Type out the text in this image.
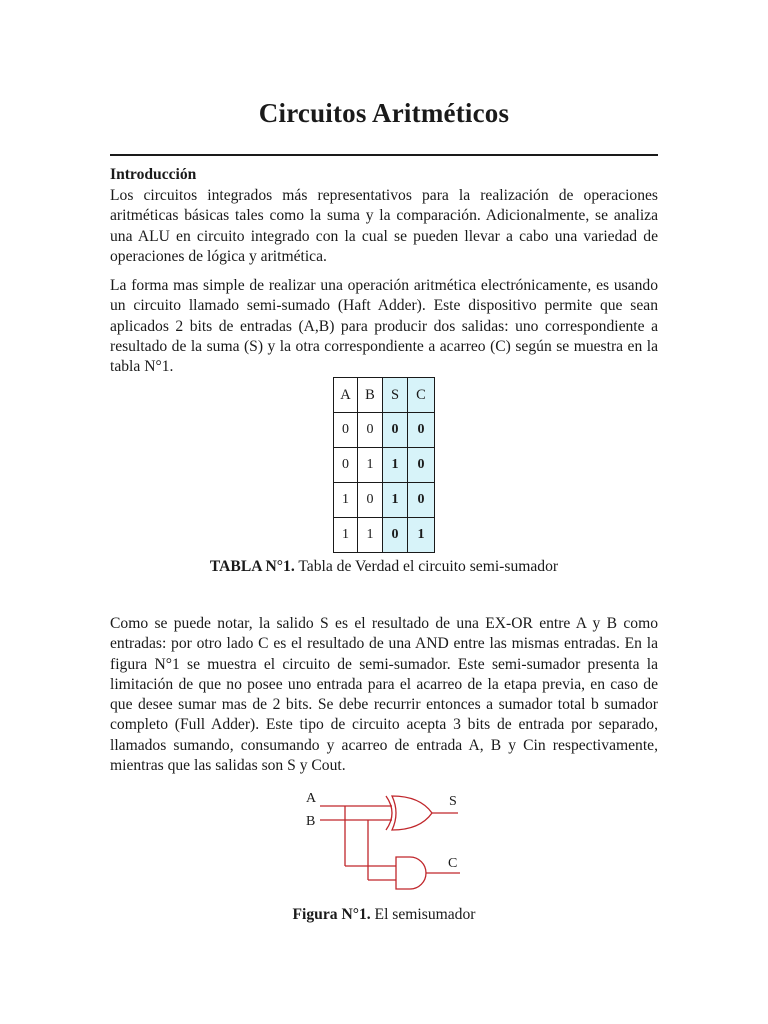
Circuitos Aritméticos
Introducción
Los circuitos integrados más representativos para la realización de operaciones aritméticas básicas tales como la suma y la comparación. Adicionalmente, se analiza una ALU en circuito integrado con la cual se pueden llevar a cabo una variedad de operaciones de lógica y aritmética.
La forma mas simple de realizar una operación aritmética electrónicamente, es usando un circuito llamado semi-sumado (Haft Adder). Este dispositivo permite que sean aplicados 2 bits de entradas (A,B) para producir dos salidas: uno correspondiente a resultado de la suma (S) y la otra correspondiente a acarreo (C) según se muestra en la tabla N°1.
A	B	S	C
0	0	0	0
0	1	1	0
1	0	1	0
1	1	0	1
TABLA N°1. Tabla de Verdad el circuito semi-sumador
Como se puede notar, la salido S es el resultado de una EX-OR entre A y B como entradas: por otro lado C es el resultado de una AND entre las mismas entradas. En la figura N°1 se muestra el circuito de semi-sumador. Este semi-sumador presenta la limitación de que no posee uno entrada para el acarreo de la etapa previa, en caso de que desee sumar mas de 2 bits. Se debe recurrir entonces a sumador total b sumador completo (Full Adder). Este tipo de circuito acepta 3 bits de entrada por separado, llamados sumando, consumando y acarreo de entrada A, B y Cin respectivamente, mientras que las salidas son S y Cout.
A
B
S
C
Figura N°1. El semisumador
